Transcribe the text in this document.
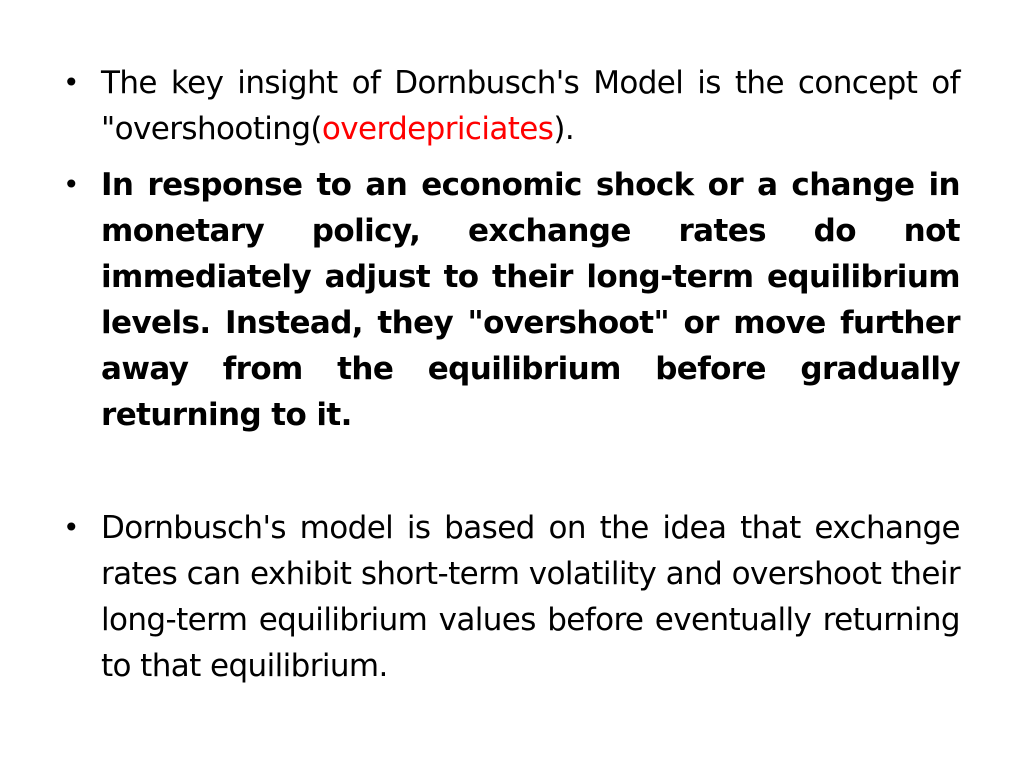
• The key insight of Dornbusch's Model is the concept of "overshooting(overdepriciates).
• In response to an economic shock or a change in monetary policy, exchange rates do not immediately adjust to their long-term equilibrium levels. Instead, they "overshoot" or move further away from the equilibrium before gradually returning to it.
• Dornbusch's model is based on the idea that exchange rates can exhibit short-term volatility and overshoot their long-term equilibrium values before eventually returning to that equilibrium.
